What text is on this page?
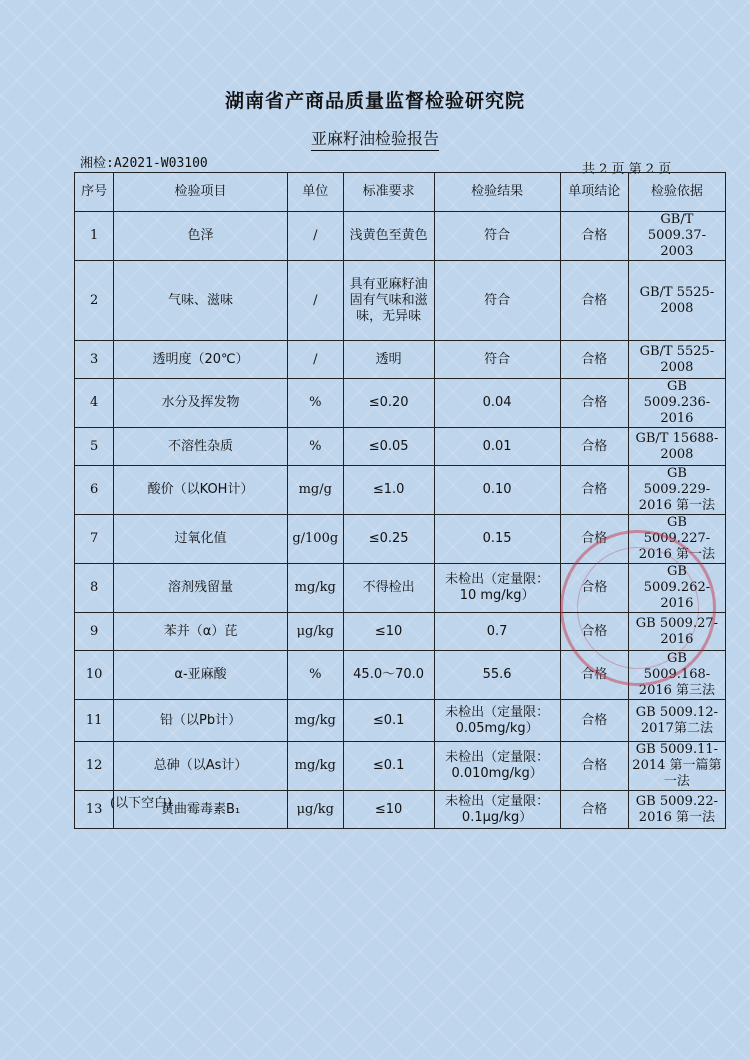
湖南省产商品质量监督检验研究院
亚麻籽油检验报告
湘检:A2021-W03100	共 2 页 第 2 页
序号	检验项目	单位	标准要求	检验结果	单项结论	检验依据
1	色泽	/	浅黄色至黄色	符合	合格	GB/T 5009.37-2003
2	气味、滋味	/	具有亚麻籽油固有气味和滋味，无异味	符合	合格	GB/T 5525-2008
3	透明度（20℃）	/	透明	符合	合格	GB/T 5525-2008
4	水分及挥发物	%	≤0.20	0.04	合格	GB 5009.236-2016
5	不溶性杂质	%	≤0.05	0.01	合格	GB/T 15688-2008
6	酸价（以KOH计）	mg/g	≤1.0	0.10	合格	GB 5009.229-2016 第一法
7	过氧化值	g/100g	≤0.25	0.15	合格	GB 5009.227-2016 第一法
8	溶剂残留量	mg/kg	不得检出	未检出（定量限：10 mg/kg）	合格	GB 5009.262-2016
9	苯并（α）芘	μg/kg	≤10	0.7	合格	GB 5009.27-2016
10	α-亚麻酸	%	45.0～70.0	55.6	合格	GB 5009.168-2016 第三法
11	铅（以Pb计）	mg/kg	≤0.1	未检出（定量限：0.05mg/kg）	合格	GB 5009.12-2017第二法
12	总砷（以As计）	mg/kg	≤0.1	未检出（定量限：0.010mg/kg）	合格	GB 5009.11-2014 第一篇第一法
13	黄曲霉毒素B₁	μg/kg	≤10	未检出（定量限：0.1μg/kg）	合格	GB 5009.22-2016 第一法
(以下空白)
